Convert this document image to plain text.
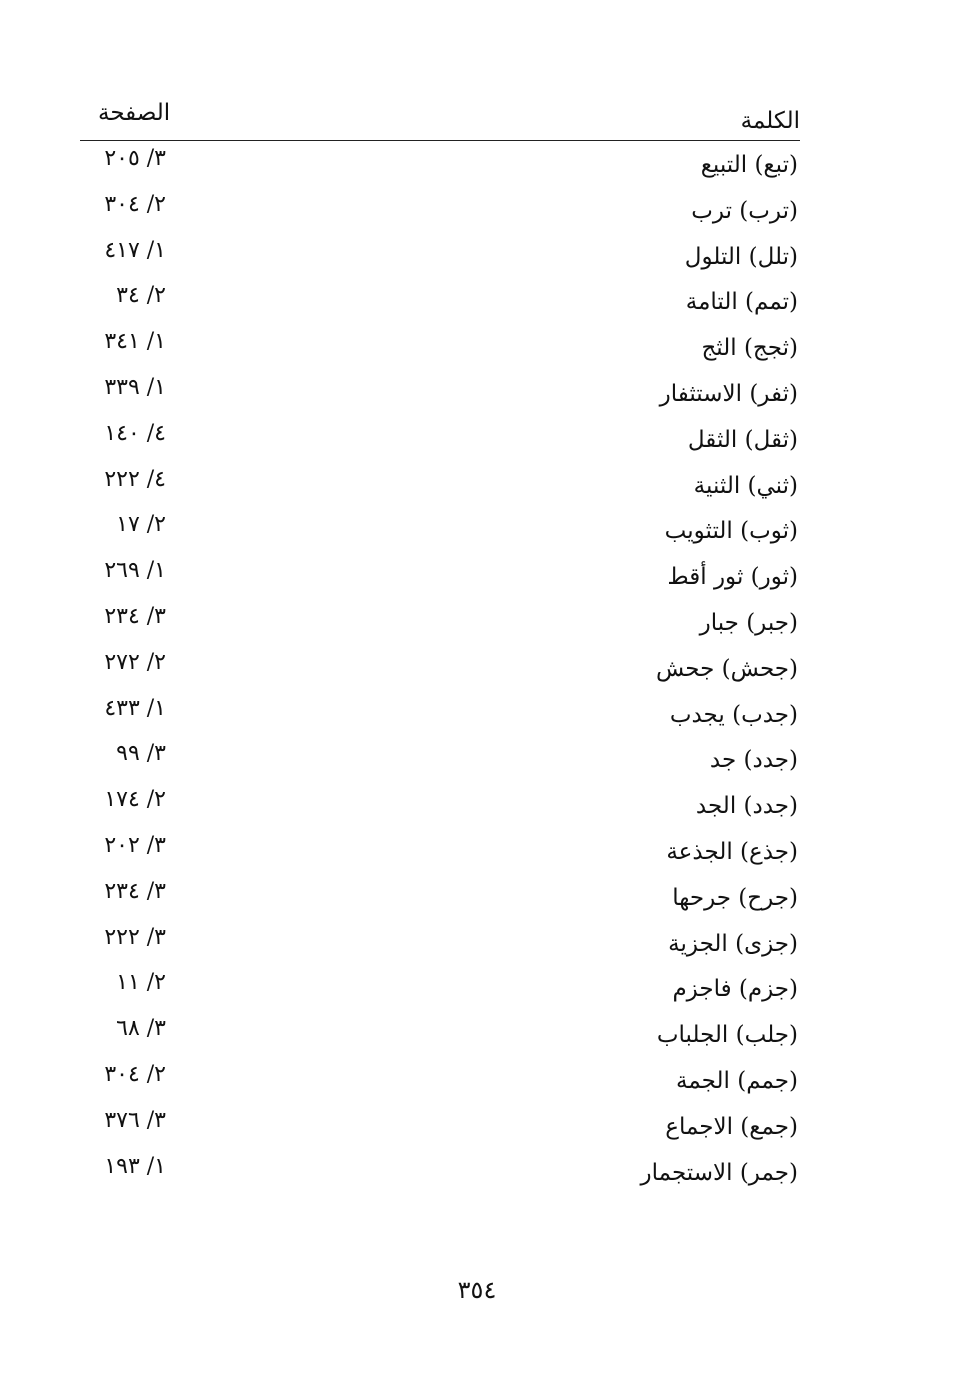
الكلمة
الصفحة
(تبع) التبيع
٣/ ٢٠٥
(ترب) ترب
٢/ ٣٠٤
(تلل) التلول
١/ ٤١٧
(تمم) التامة
٢/ ٣٤
(ثجج) الثج
١/ ٣٤١
(ثفر) الاستثفار
١/ ٣٣٩
(ثقل) الثقل
٤/ ١٤٠
(ثني) الثنية
٤/ ٢٢٢
(ثوب) التثويب
٢/ ١٧
(ثور) ثور أقط
١/ ٢٦٩
(جبر) جبار
٣/ ٢٣٤
(جحش) جحش
٢/ ٢٧٢
(جدب) يجدب
١/ ٤٣٣
(جدد) جد
٣/ ٩٩
(جدد) الجد
٢/ ١٧٤
(جذع) الجذعة
٣/ ٢٠٢
(جرح) جرحها
٣/ ٢٣٤
(جزى) الجزية
٣/ ٢٢٢
(جزم) فاجزم
٢/ ١١
(جلب) الجلباب
٣/ ٦٨
(جمم) الجمة
٢/ ٣٠٤
(جمع) الاجماع
٣/ ٣٧٦
(جمر) الاستجمار
١/ ١٩٣
٣٥٤
